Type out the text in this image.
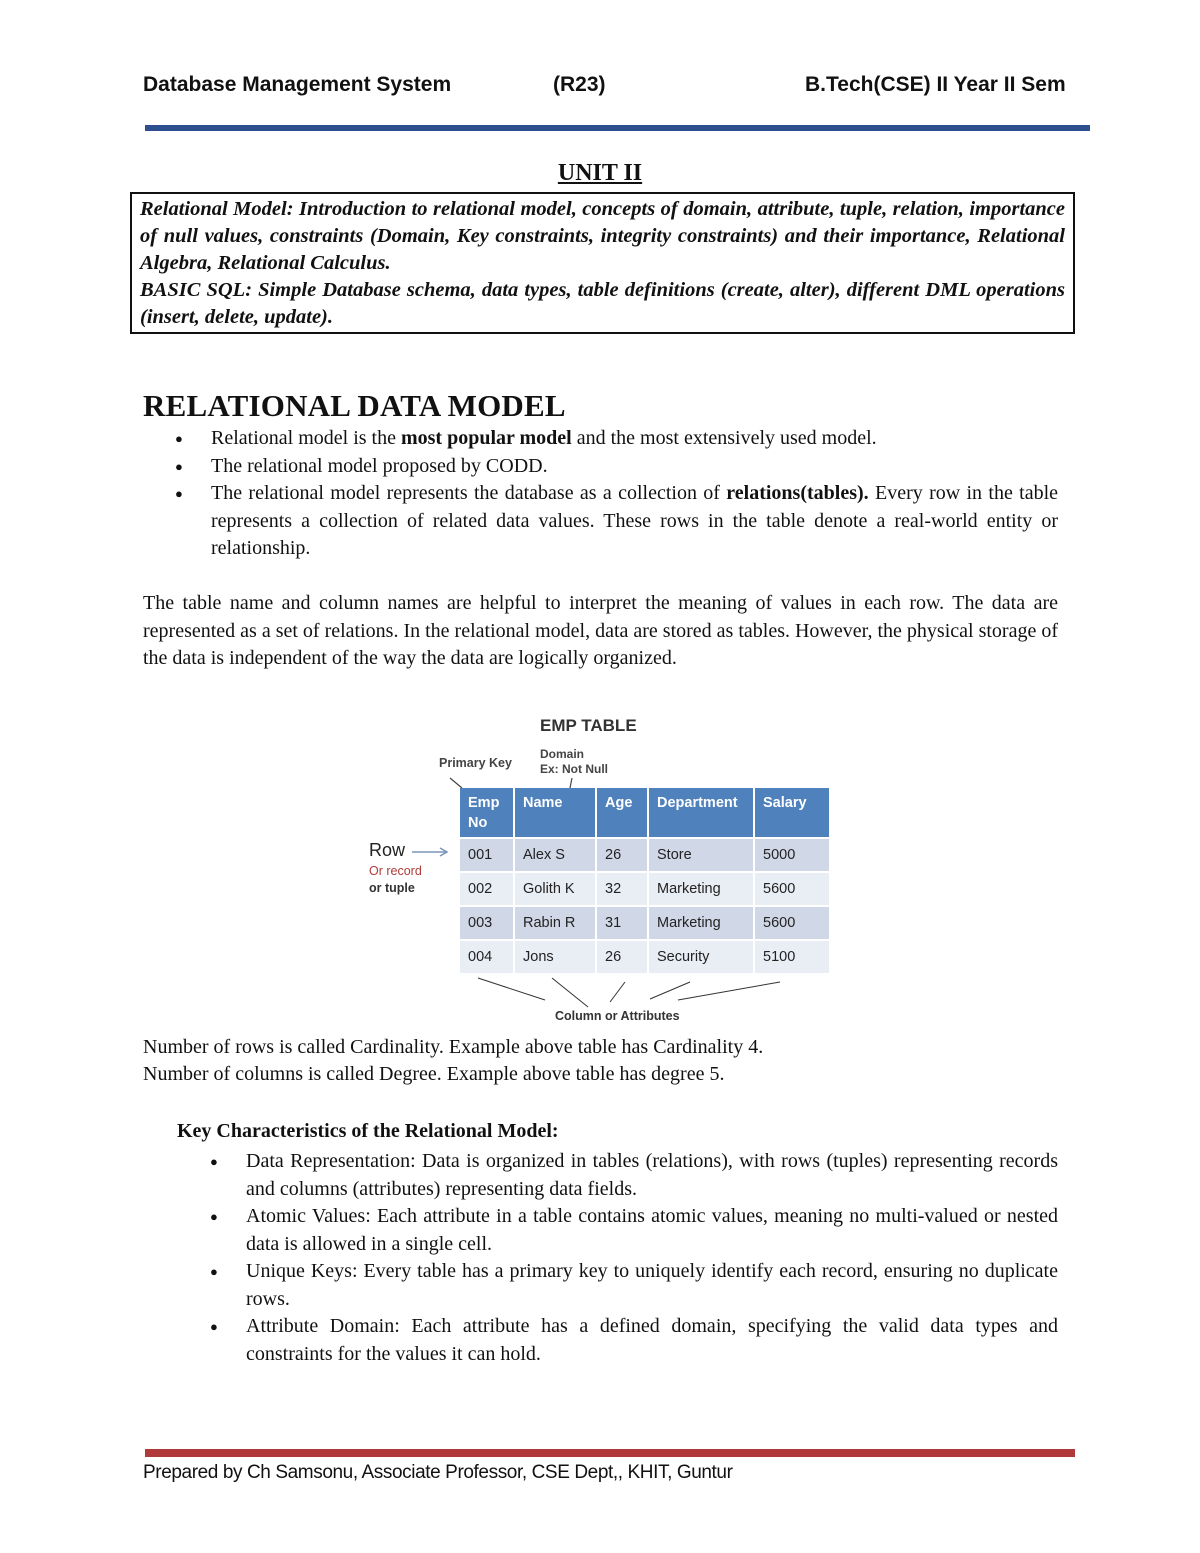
Database Management System	(R23)	B.Tech(CSE) II Year II Sem
UNIT II

Relational Model: Introduction to relational model, concepts of domain, attribute, tuple, relation, importance of null values, constraints (Domain, Key constraints, integrity constraints) and their importance, Relational Algebra, Relational Calculus.

BASIC SQL: Simple Database schema, data types, table definitions (create, alter), different DML operations (insert, delete, update).

RELATIONAL DATA MODEL
● Relational model is the most popular model and the most extensively used model.
● The relational model proposed by CODD.
● The relational model represents the database as a collection of relations(tables). Every row in the table represents a collection of related data values. These rows in the table denote a real-world entity or relationship.

The table name and column names are helpful to interpret the meaning of values in each row. The data are represented as a set of relations. In the relational model, data are stored as tables. However, the physical storage of the data is independent of the way the data are logically organized.

EMP TABLE
Primary Key
Domain
Ex: Not Null
Row
Or record
or tuple
Emp No	Name	Age	Department	Salary
001	Alex S	26	Store	5000
002	Golith K	32	Marketing	5600
003	Rabin R	31	Marketing	5600
004	Jons	26	Security	5100
Column or Attributes

Number of rows is called Cardinality. Example above table has Cardinality 4.

Number of columns is called Degree. Example above table has degree 5.

Key Characteristics of the Relational Model:

● Data Representation: Data is organized in tables (relations), with rows (tuples) representing records and columns (attributes) representing data fields.
● Atomic Values: Each attribute in a table contains atomic values, meaning no multi-valued or nested data is allowed in a single cell.
● Unique Keys: Every table has a primary key to uniquely identify each record, ensuring no duplicate rows.
● Attribute Domain: Each attribute has a defined domain, specifying the valid data types and constraints for the values it can hold.
Prepared by Ch Samsonu, Associate Professor, CSE Dept,, KHIT, Guntur
